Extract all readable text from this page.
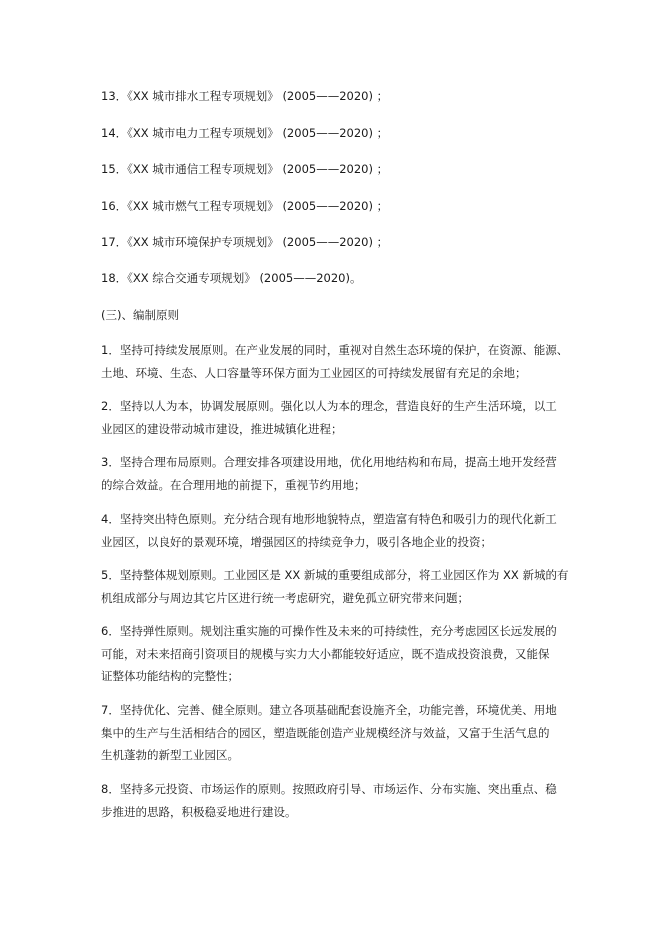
13．《XX 城市排水工程专项规划》 (2005——2020) ；
14．《XX 城市电力工程专项规划》 (2005——2020) ；
15．《XX 城市通信工程专项规划》 (2005——2020) ；
16．《XX 城市燃气工程专项规划》 (2005——2020) ；
17．《XX 城市环境保护专项规划》 (2005——2020) ；
18．《XX 综合交通专项规划》 (2005——2020)。
(三)、编制原则
1．坚持可持续发展原则。在产业发展的同时，重视对自然生态环境的保护，在资源、能源、
土地、环境、生态、人口容量等环保方面为工业园区的可持续发展留有充足的余地；
2．坚持以人为本，协调发展原则。强化以人为本的理念，营造良好的生产生活环境，以工
业园区的建设带动城市建设，推进城镇化进程；
3．坚持合理布局原则。合理安排各项建设用地，优化用地结构和布局，提高土地开发经营
的综合效益。在合理用地的前提下，重视节约用地；
4．坚持突出特色原则。充分结合现有地形地貌特点，塑造富有特色和吸引力的现代化新工
业园区，以良好的景观环境，增强园区的持续竞争力，吸引各地企业的投资；
5．坚持整体规划原则。工业园区是 XX 新城的重要组成部分，将工业园区作为 XX 新城的有
机组成部分与周边其它片区进行统一考虑研究，避免孤立研究带来问题；
6．坚持弹性原则。规划注重实施的可操作性及未来的可持续性，充分考虑园区长远发展的
可能，对未来招商引资项目的规模与实力大小都能较好适应，既不造成投资浪费，又能保
证整体功能结构的完整性；
7．坚持优化、完善、健全原则。建立各项基础配套设施齐全，功能完善，环境优美、用地
集中的生产与生活相结合的园区，塑造既能创造产业规模经济与效益，又富于生活气息的
生机蓬勃的新型工业园区。
8．坚持多元投资、市场运作的原则。按照政府引导、市场运作、分布实施、突出重点、稳
步推进的思路，积极稳妥地进行建设。
